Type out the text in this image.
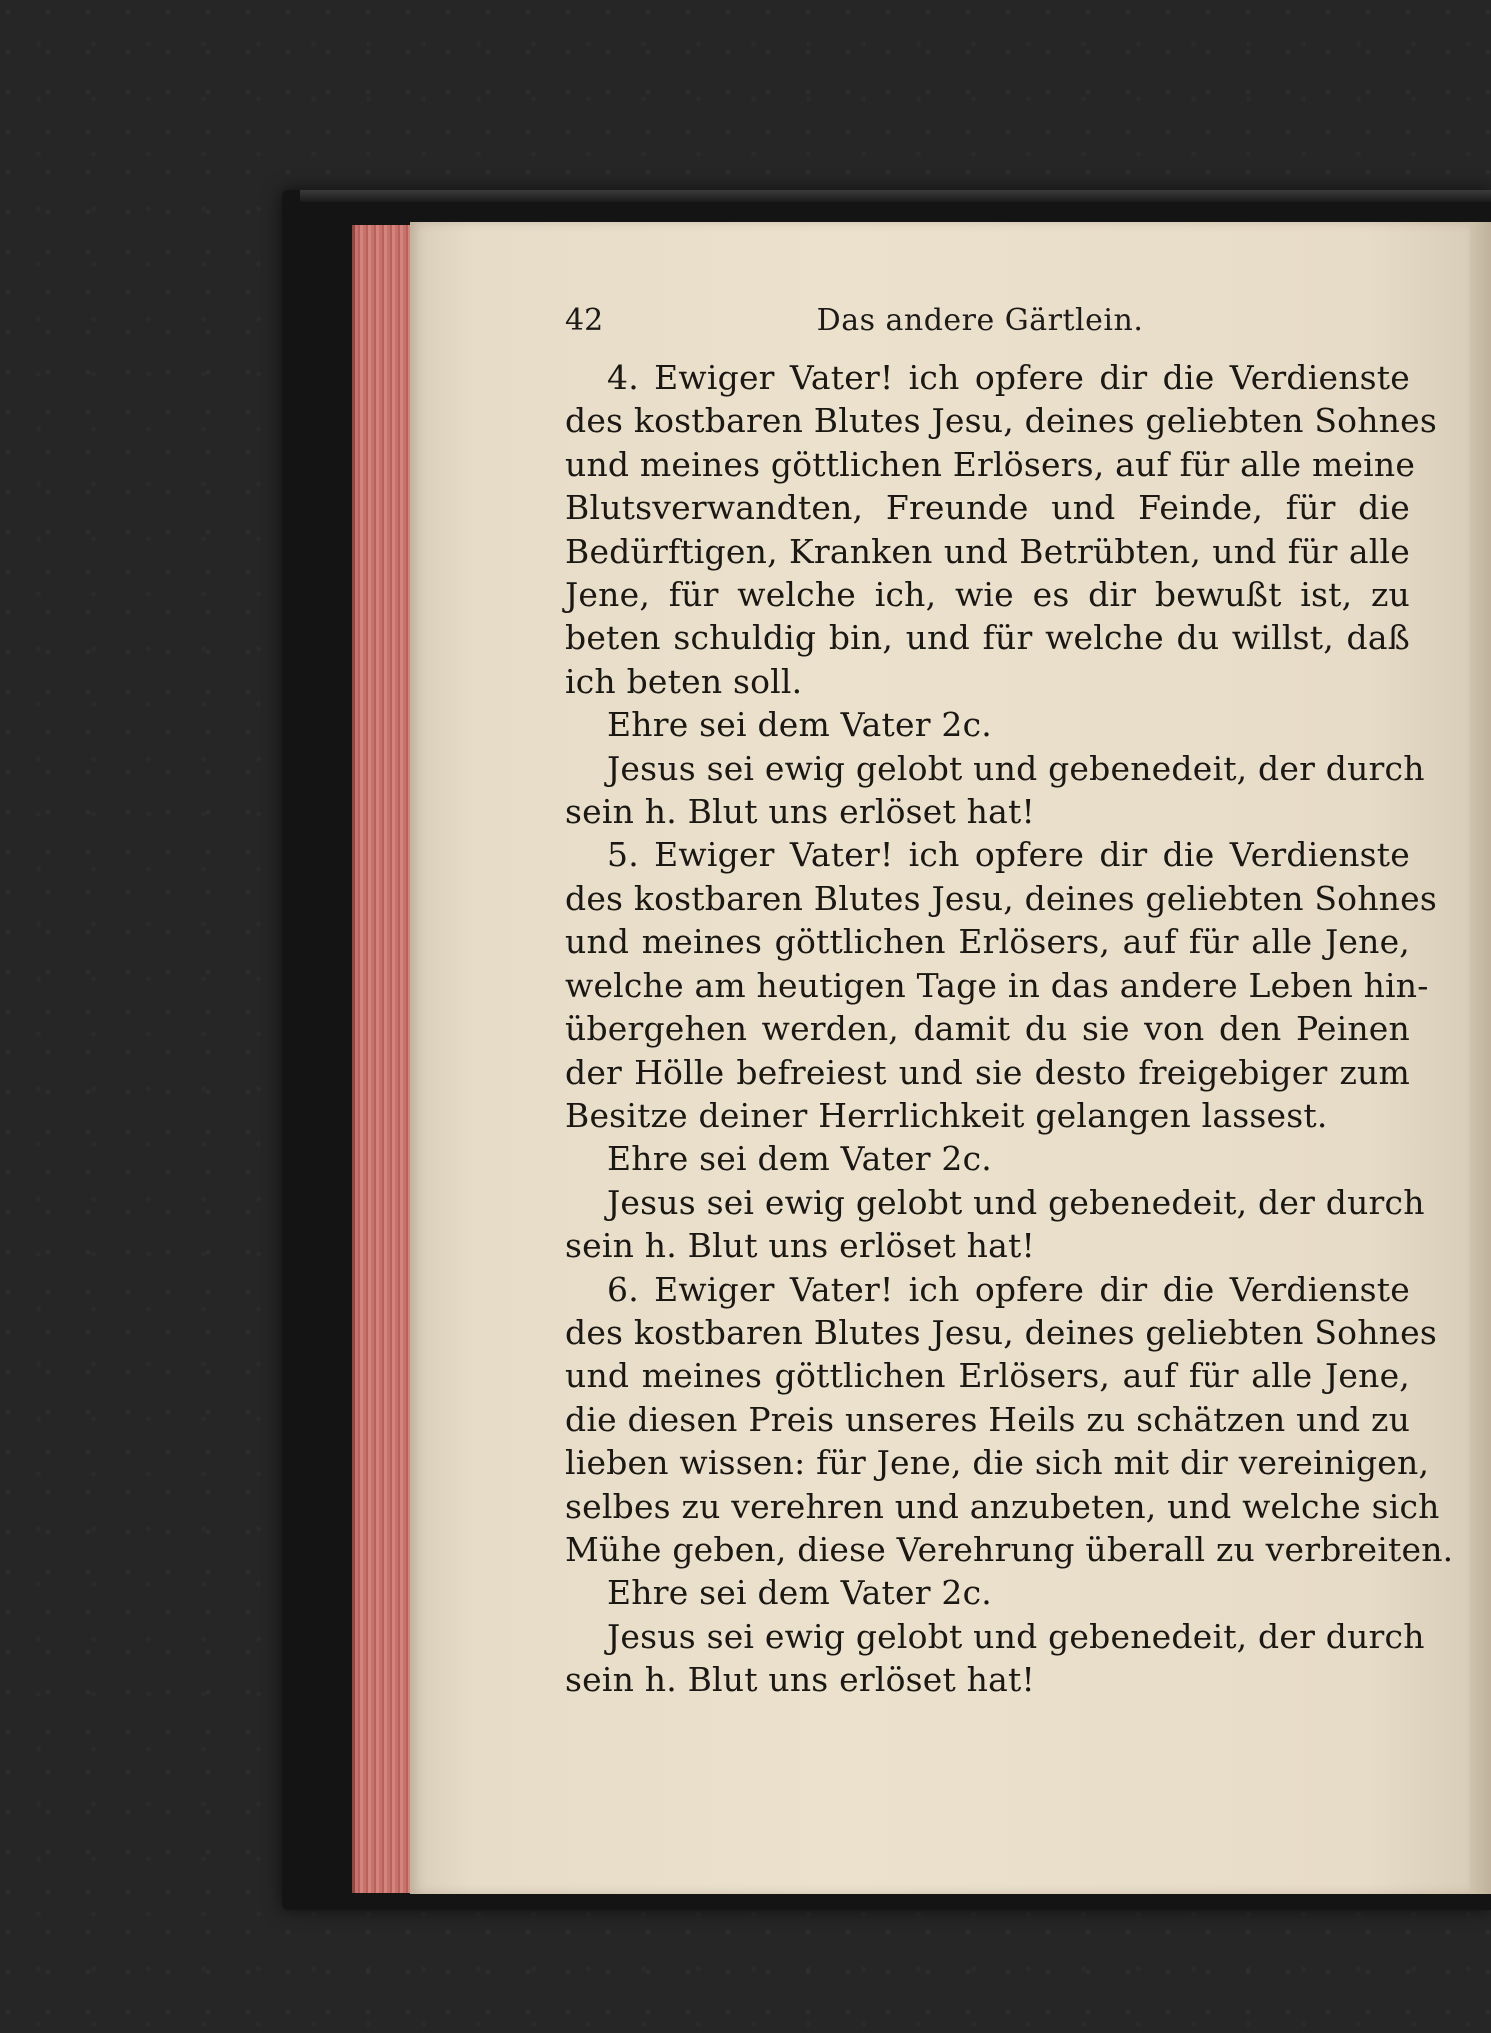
42	Das andere Gärtlein.
4. Ewiger Vater! ich opfere dir die Verdienste
des kostbaren Blutes Jesu, deines geliebten Sohnes
und meines göttlichen Erlösers, auf für alle meine
Blutsverwandten, Freunde und Feinde, für die
Bedürftigen, Kranken und Betrübten, und für alle
Jene, für welche ich, wie es dir bewußt ist, zu
beten schuldig bin, und für welche du willst, daß
ich beten soll.
Ehre sei dem Vater 2c.
Jesus sei ewig gelobt und gebenedeit, der durch
sein h. Blut uns erlöset hat!
5. Ewiger Vater! ich opfere dir die Verdienste
des kostbaren Blutes Jesu, deines geliebten Sohnes
und meines göttlichen Erlösers, auf für alle Jene,
welche am heutigen Tage in das andere Leben hin-
übergehen werden, damit du sie von den Peinen
der Hölle befreiest und sie desto freigebiger zum
Besitze deiner Herrlichkeit gelangen lassest.
Ehre sei dem Vater 2c.
Jesus sei ewig gelobt und gebenedeit, der durch
sein h. Blut uns erlöset hat!
6. Ewiger Vater! ich opfere dir die Verdienste
des kostbaren Blutes Jesu, deines geliebten Sohnes
und meines göttlichen Erlösers, auf für alle Jene,
die diesen Preis unseres Heils zu schätzen und zu
lieben wissen: für Jene, die sich mit dir vereinigen,
selbes zu verehren und anzubeten, und welche sich
Mühe geben, diese Verehrung überall zu verbreiten.
Ehre sei dem Vater 2c.
Jesus sei ewig gelobt und gebenedeit, der durch
sein h. Blut uns erlöset hat!
